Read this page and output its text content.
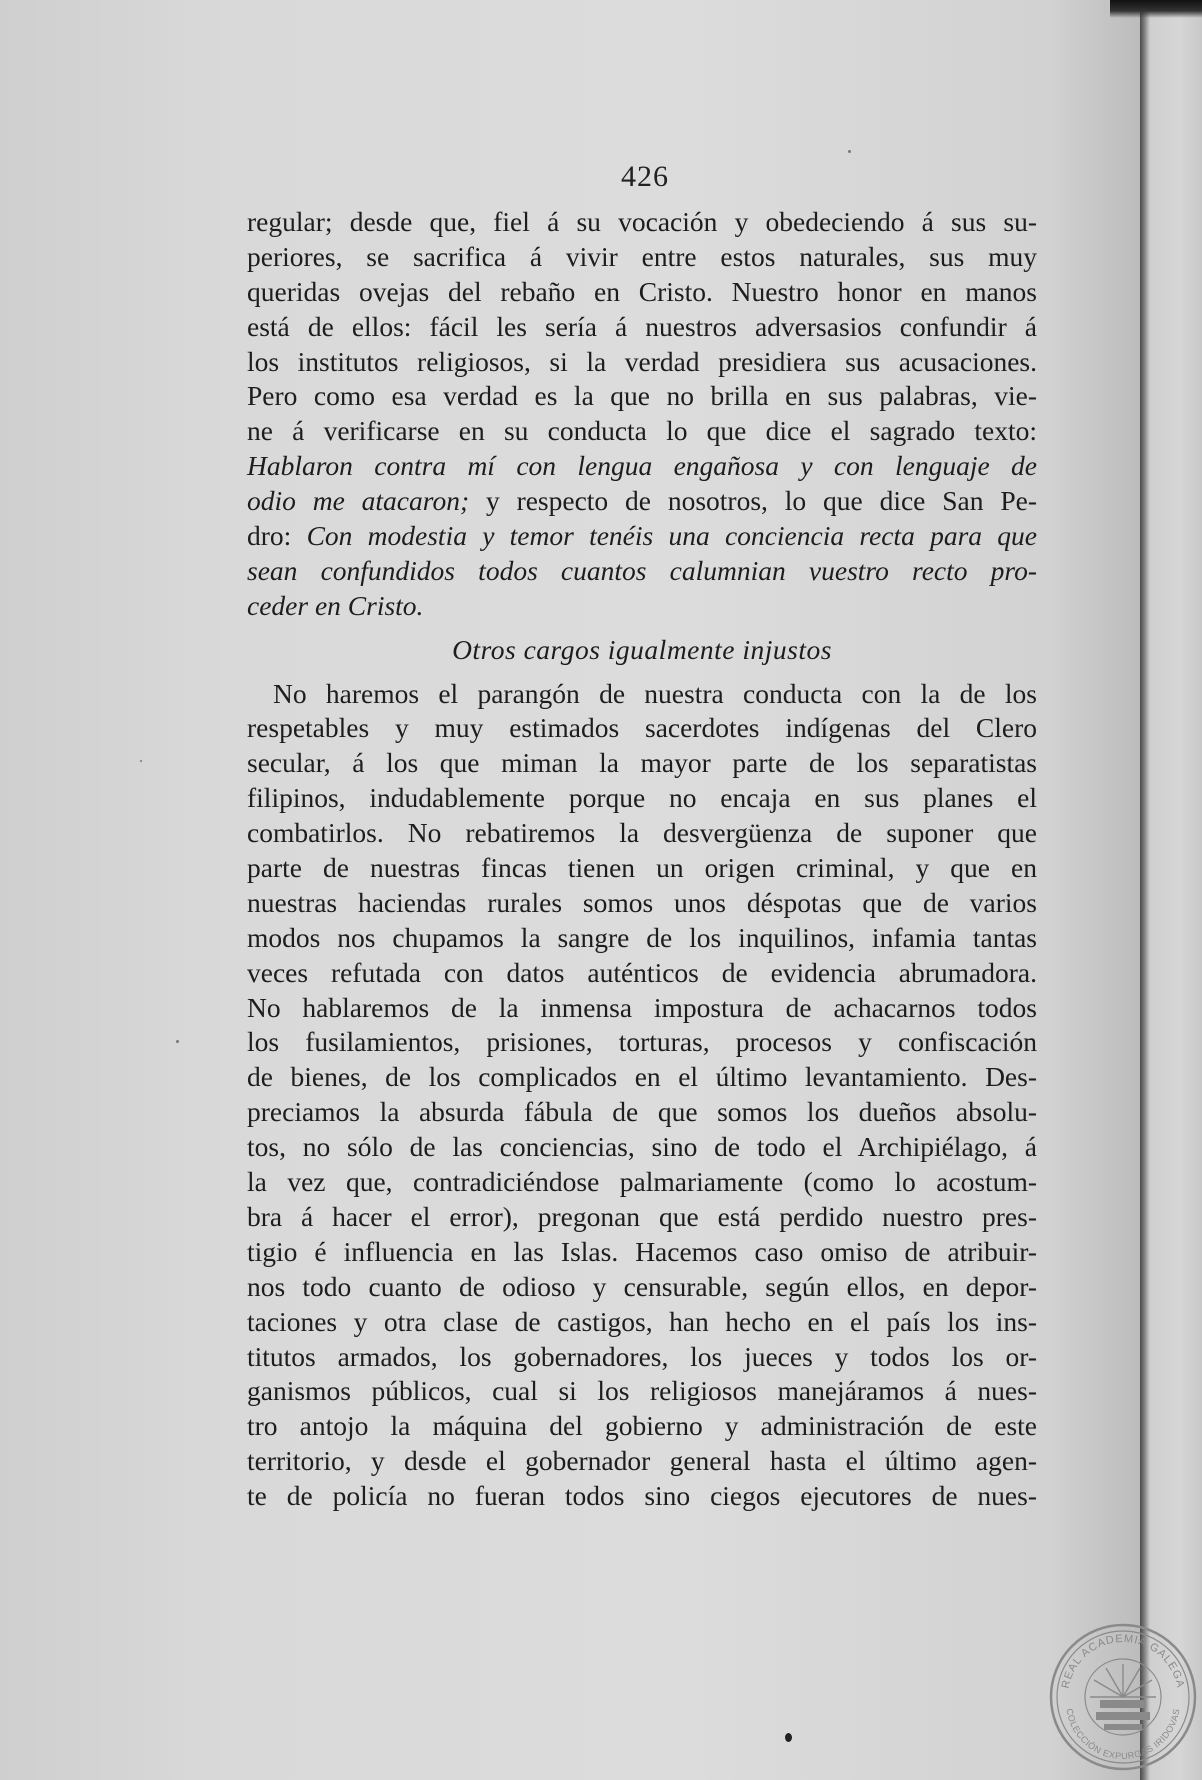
426
regular; desde que, fiel á su vocación y obedeciendo á sus su-
periores, se sacrifica á vivir entre estos naturales, sus muy
queridas ovejas del rebaño en Cristo. Nuestro honor en manos
está de ellos: fácil les sería á nuestros adversasios confundir á
los institutos religiosos, si la verdad presidiera sus acusaciones.
Pero como esa verdad es la que no brilla en sus palabras, vie-
ne á verificarse en su conducta lo que dice el sagrado texto:
Hablaron contra mí con lengua engañosa y con lenguaje de
odio me atacaron; y respecto de nosotros, lo que dice San Pe-
dro: Con modestia y temor tenéis una conciencia recta para que
sean confundidos todos cuantos calumnian vuestro recto pro-
ceder en Cristo.
Otros cargos igualmente injustos
No haremos el parangón de nuestra conducta con la de los
respetables y muy estimados sacerdotes indígenas del Clero
secular, á los que miman la mayor parte de los separatistas
filipinos, indudablemente porque no encaja en sus planes el
combatirlos. No rebatiremos la desvergüenza de suponer que
parte de nuestras fincas tienen un origen criminal, y que en
nuestras haciendas rurales somos unos déspotas que de varios
modos nos chupamos la sangre de los inquilinos, infamia tantas
veces refutada con datos auténticos de evidencia abrumadora.
No hablaremos de la inmensa impostura de achacarnos todos
los fusilamientos, prisiones, torturas, procesos y confiscación
de bienes, de los complicados en el último levantamiento. Des-
preciamos la absurda fábula de que somos los dueños absolu-
tos, no sólo de las conciencias, sino de todo el Archipiélago, á
la vez que, contradiciéndose palmariamente (como lo acostum-
bra á hacer el error), pregonan que está perdido nuestro pres-
tigio é influencia en las Islas. Hacemos caso omiso de atribuir-
nos todo cuanto de odioso y censurable, según ellos, en depor-
taciones y otra clase de castigos, han hecho en el país los ins-
titutos armados, los gobernadores, los jueces y todos los or-
ganismos públicos, cual si los religiosos manejáramos á nues-
tro antojo la máquina del gobierno y administración de este
territorio, y desde el gobernador general hasta el último agen-
te de policía no fueran todos sino ciegos ejecutores de nues-
REAL ACADEMIA GALEGA
COLECCIÓN EXPURGAS IRIDOVAS
